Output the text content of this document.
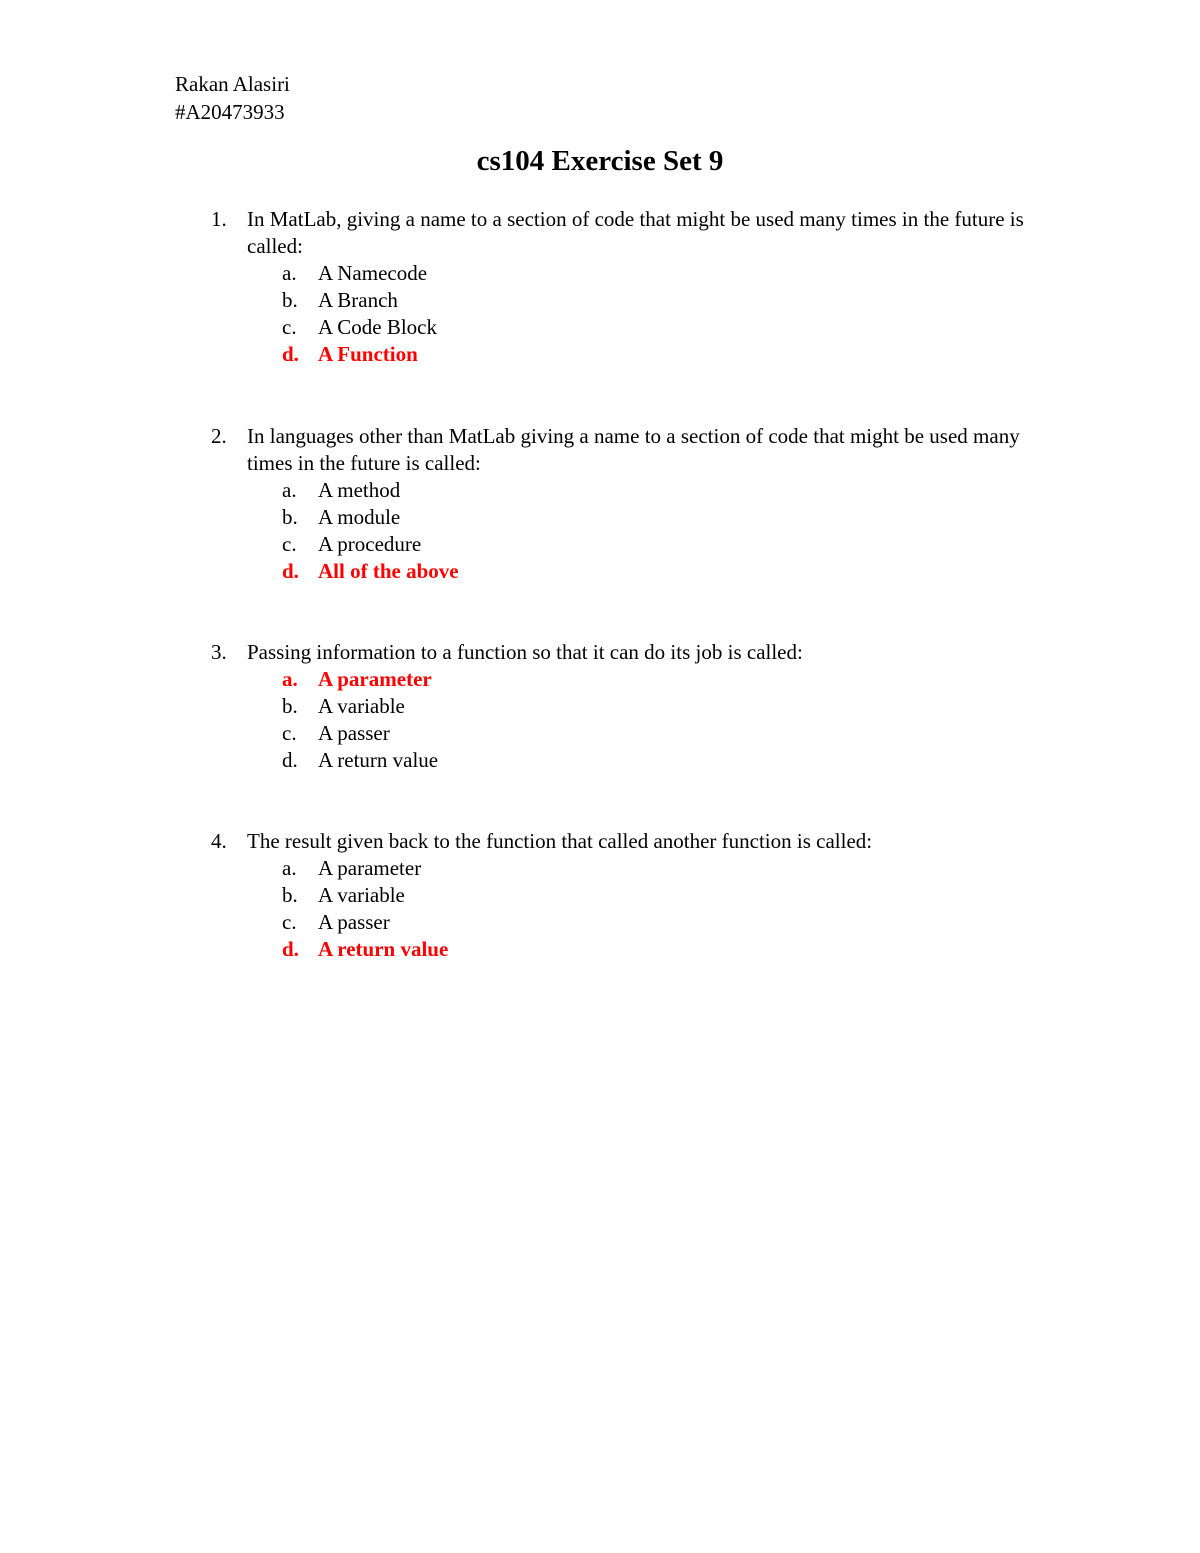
Rakan Alasiri
#A20473933
cs104 Exercise Set 9
1. In MatLab, giving a name to a section of code that might be used many times in the future is called:
a.	A Namecode
b. A Branch
c.	A Code Block
d. A Function
2. In languages other than MatLab giving a name to a section of code that might be used many times in the future is called:
a.	A method
b. A module
c.	A procedure
d. All of the above
3. Passing information to a function so that it can do its job is called:
a. A parameter
b. A variable
c.	A passer
d. A return value
4. The result given back to the function that called another function is called:
a.	A parameter
b. A variable
c.	A passer
d. A return value
